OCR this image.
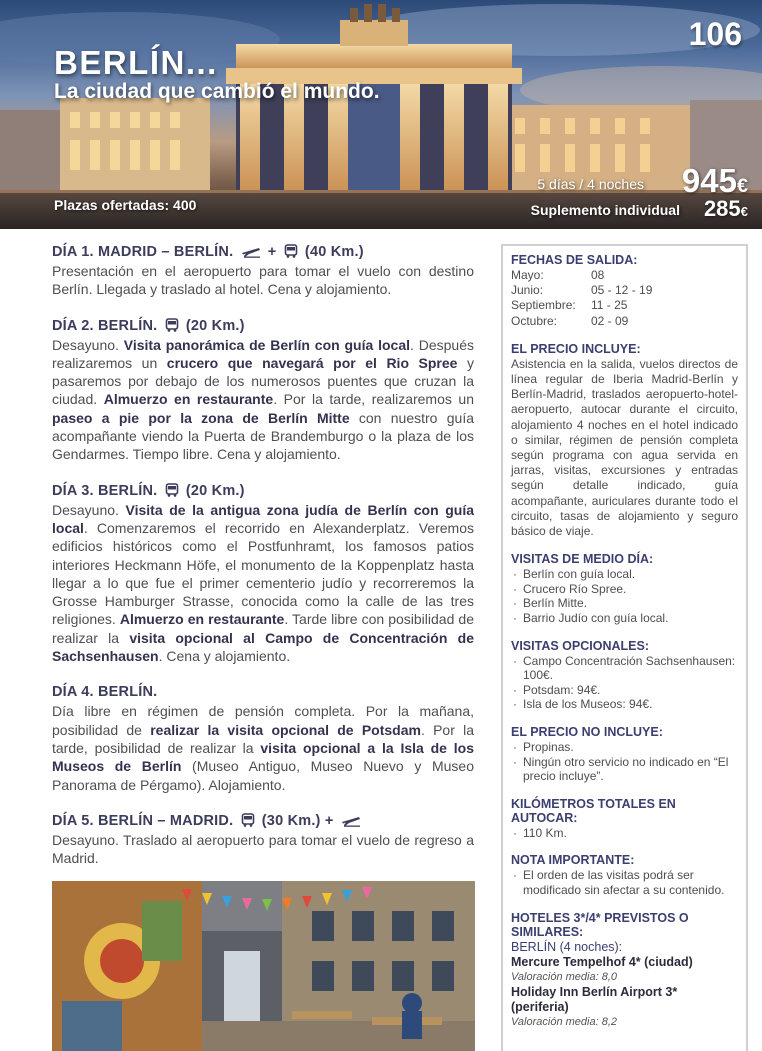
106
BERLÍN...
La ciudad que cambió el mundo.
Plazas ofertadas: 400
5 días / 4 noches 945€
Suplemento individual 285€
DÍA 1. MADRID – BERLÍN. + (40 Km.)
Presentación en el aeropuerto para tomar el vuelo con destino Berlín. Llegada y traslado al hotel. Cena y alojamiento.
DÍA 2. BERLÍN. (20 Km.)
Desayuno. Visita panorámica de Berlín con guía local. Después realizaremos un crucero que navegará por el Rio Spree y pasaremos por debajo de los numerosos puentes que cruzan la ciudad. Almuerzo en restaurante. Por la tarde, realizaremos un paseo a pie por la zona de Berlín Mitte con nuestro guía acompañante viendo la Puerta de Brandemburgo o la plaza de los Gendarmes. Tiempo libre. Cena y alojamiento.
DÍA 3. BERLÍN. (20 Km.)
Desayuno. Visita de la antigua zona judía de Berlín con guía local. Comenzaremos el recorrido en Alexanderplatz. Veremos edificios históricos como el Postfunhramt, los famosos patios interiores Heckmann Höfe, el monumento de la Koppenplatz hasta llegar a lo que fue el primer cementerio judío y recorreremos la Grosse Hamburger Strasse, conocida como la calle de las tres religiones. Almuerzo en restaurante. Tarde libre con posibilidad de realizar la visita opcional al Campo de Concentración de Sachsenhausen. Cena y alojamiento.
DÍA 4. BERLÍN.
Día libre en régimen de pensión completa. Por la mañana, posibilidad de realizar la visita opcional de Potsdam. Por la tarde, posibilidad de realizar la visita opcional a la Isla de los Museos de Berlín (Museo Antiguo, Museo Nuevo y Museo Panorama de Pérgamo). Alojamiento.
DÍA 5. BERLÍN – MADRID. (30 Km.) +
Desayuno. Traslado al aeropuerto para tomar el vuelo de regreso a Madrid.
FECHAS DE SALIDA:
Mayo:	08
Junio:	05 - 12 - 19
Septiembre:	11 - 25
Octubre:	02 - 09
EL PRECIO INCLUYE:
Asistencia en la salida, vuelos directos de línea regular de Iberia Madrid-Berlín y Berlín-Madrid, traslados aeropuerto-hotel-aeropuerto, autocar durante el circuito, alojamiento 4 noches en el hotel indicado o similar, régimen de pensión completa según programa con agua servida en jarras, visitas, excursiones y entradas según detalle indicado, guía acompañante, auriculares durante todo el circuito, tasas de alojamiento y seguro básico de viaje.
VISITAS DE MEDIO DÍA:
· Berlín con guía local.
· Crucero Río Spree.
· Berlín Mitte.
· Barrio Judío con guía local.
VISITAS OPCIONALES:
· Campo Concentración Sachsenhausen: 100€.
· Potsdam: 94€.
· Isla de los Museos: 94€.
EL PRECIO NO INCLUYE:
· Propinas.
· Ningún otro servicio no indicado en “El precio incluye”.
KILÓMETROS TOTALES EN AUTOCAR:
· 110 Km.
NOTA IMPORTANTE:
· El orden de las visitas podrá ser modificado sin afectar a su contenido.
HOTELES 3*/4* PREVISTOS O SIMILARES:
BERLÍN (4 noches):
Mercure Tempelhof 4* (ciudad)
Valoración media: 8,0
Holiday Inn Berlín Airport 3* (periferia)
Valoración media: 8,2
